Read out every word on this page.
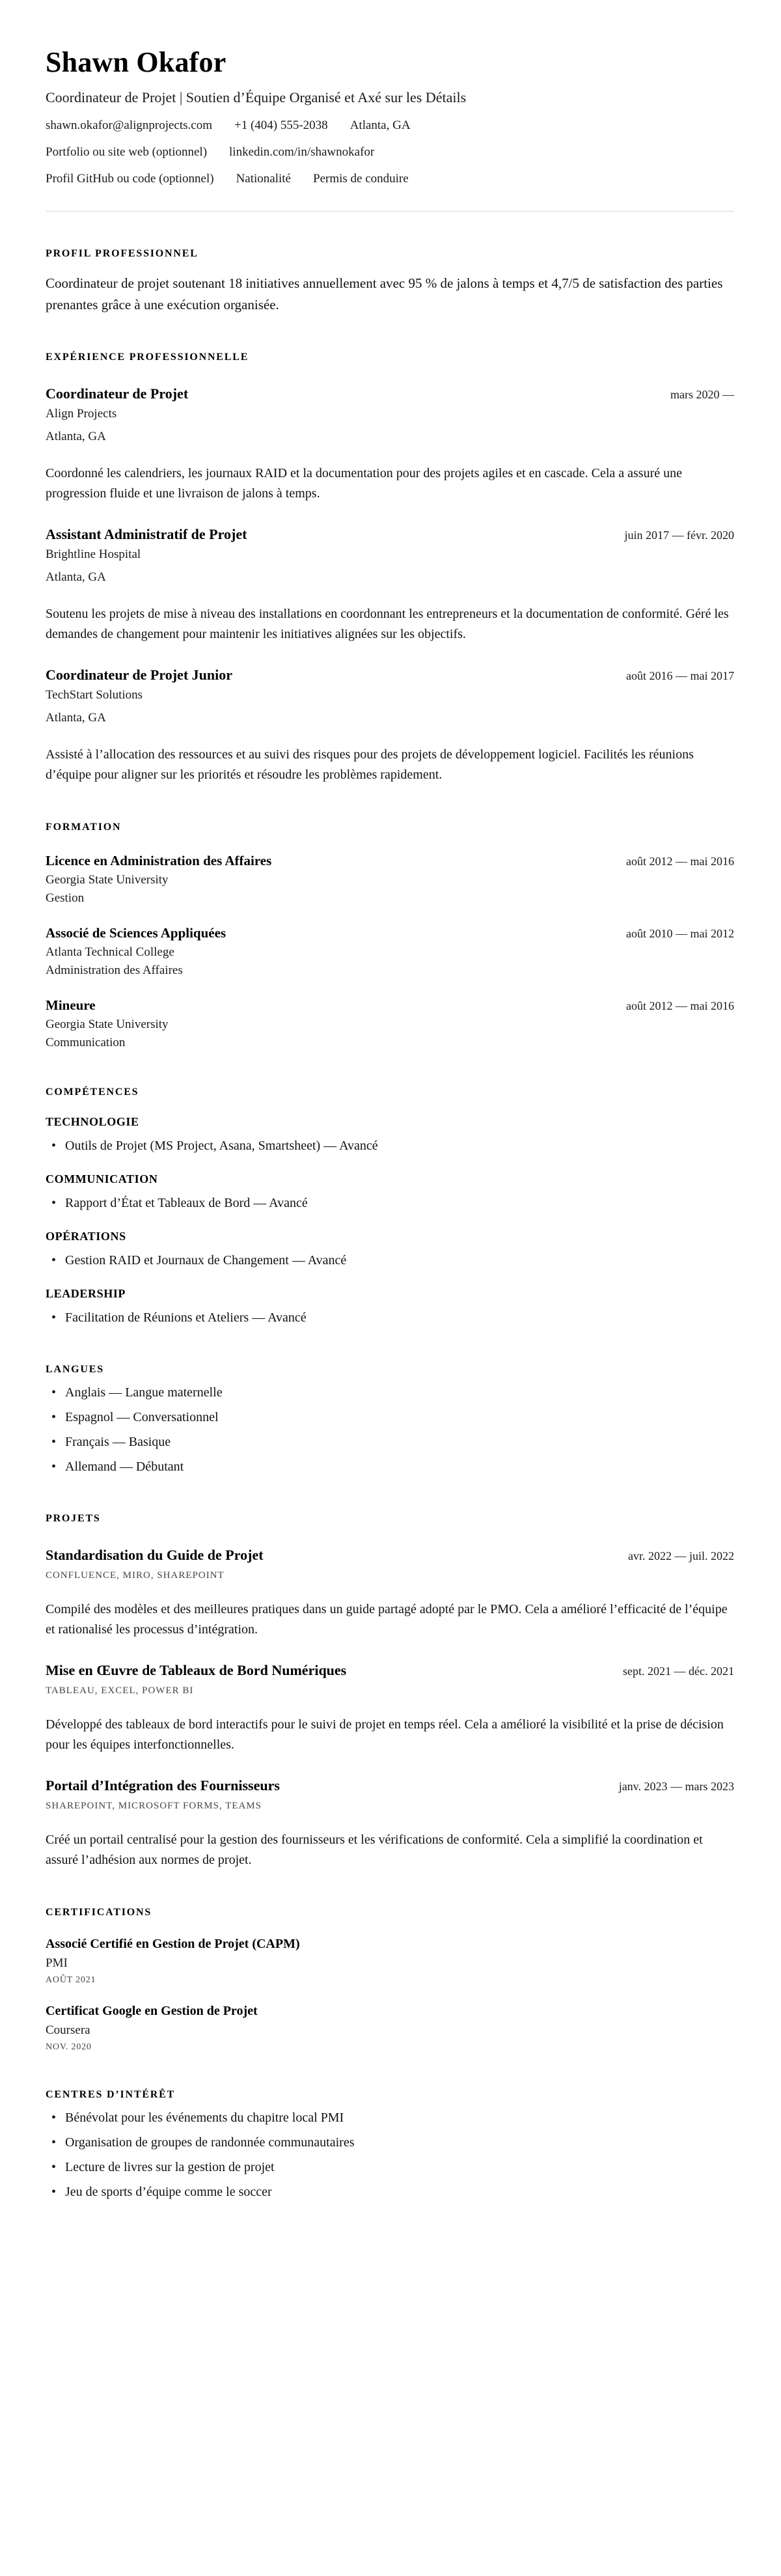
Shawn Okafor
Coordinateur de Projet | Soutien d’Équipe Organisé et Axé sur les Détails
shawn.okafor@alignprojects.com +1 (404) 555-2038 Atlanta, GA
Portfolio ou site web (optionnel) linkedin.com/in/shawnokafor
Profil GitHub ou code (optionnel) Nationalité Permis de conduire
PROFIL PROFESSIONNEL

Coordinateur de projet soutenant 18 initiatives annuellement avec 95 % de jalons à temps et 4,7/5 de satisfaction des parties prenantes grâce à une exécution organisée.

EXPÉRIENCE PROFESSIONNELLE
Coordinateur de Projet	mars 2020 —
Align Projects
Atlanta, GA

Coordonné les calendriers, les journaux RAID et la documentation pour des projets agiles et en cascade. Cela a assuré une progression fluide et une livraison de jalons à temps.

Assistant Administratif de Projet	juin 2017 — févr. 2020
Brightline Hospital
Atlanta, GA

Soutenu les projets de mise à niveau des installations en coordonnant les entrepreneurs et la documentation de conformité. Géré les demandes de changement pour maintenir les initiatives alignées sur les objectifs.

Coordinateur de Projet Junior	août 2016 — mai 2017
TechStart Solutions
Atlanta, GA

Assisté à l’allocation des ressources et au suivi des risques pour des projets de développement logiciel. Facilités les réunions d’équipe pour aligner sur les priorités et résoudre les problèmes rapidement.

FORMATION
Licence en Administration des Affaires	août 2012 — mai 2016
Georgia State University
Gestion
Associé de Sciences Appliquées	août 2010 — mai 2012
Atlanta Technical College
Administration des Affaires
Mineure	août 2012 — mai 2016
Georgia State University
Communication
COMPÉTENCES
TECHNOLOGIE
• Outils de Projet (MS Project, Asana, Smartsheet) — Avancé
COMMUNICATION
• Rapport d’État et Tableaux de Bord — Avancé
OPÉRATIONS
• Gestion RAID et Journaux de Changement — Avancé
LEADERSHIP
• Facilitation de Réunions et Ateliers — Avancé
LANGUES
• Anglais — Langue maternelle
• Espagnol — Conversationnel
• Français — Basique
• Allemand — Débutant
PROJETS
Standardisation du Guide de Projet	avr. 2022 — juil. 2022
CONFLUENCE, MIRO, SHAREPOINT

Compilé des modèles et des meilleures pratiques dans un guide partagé adopté par le PMO. Cela a amélioré l’efficacité de l’équipe et rationalisé les processus d’intégration.

Mise en Œuvre de Tableaux de Bord Numériques	sept. 2021 — déc. 2021
TABLEAU, EXCEL, POWER BI

Développé des tableaux de bord interactifs pour le suivi de projet en temps réel. Cela a amélioré la visibilité et la prise de décision pour les équipes interfonctionnelles.

Portail d’Intégration des Fournisseurs	janv. 2023 — mars 2023
SHAREPOINT, MICROSOFT FORMS, TEAMS

Créé un portail centralisé pour la gestion des fournisseurs et les vérifications de conformité. Cela a simplifié la coordination et assuré l’adhésion aux normes de projet.

CERTIFICATIONS
Associé Certifié en Gestion de Projet (CAPM)
PMI
AOÛT 2021
Certificat Google en Gestion de Projet
Coursera
NOV. 2020
CENTRES D’INTÉRÊT
• Bénévolat pour les événements du chapitre local PMI
• Organisation de groupes de randonnée communautaires
• Lecture de livres sur la gestion de projet
• Jeu de sports d’équipe comme le soccer
